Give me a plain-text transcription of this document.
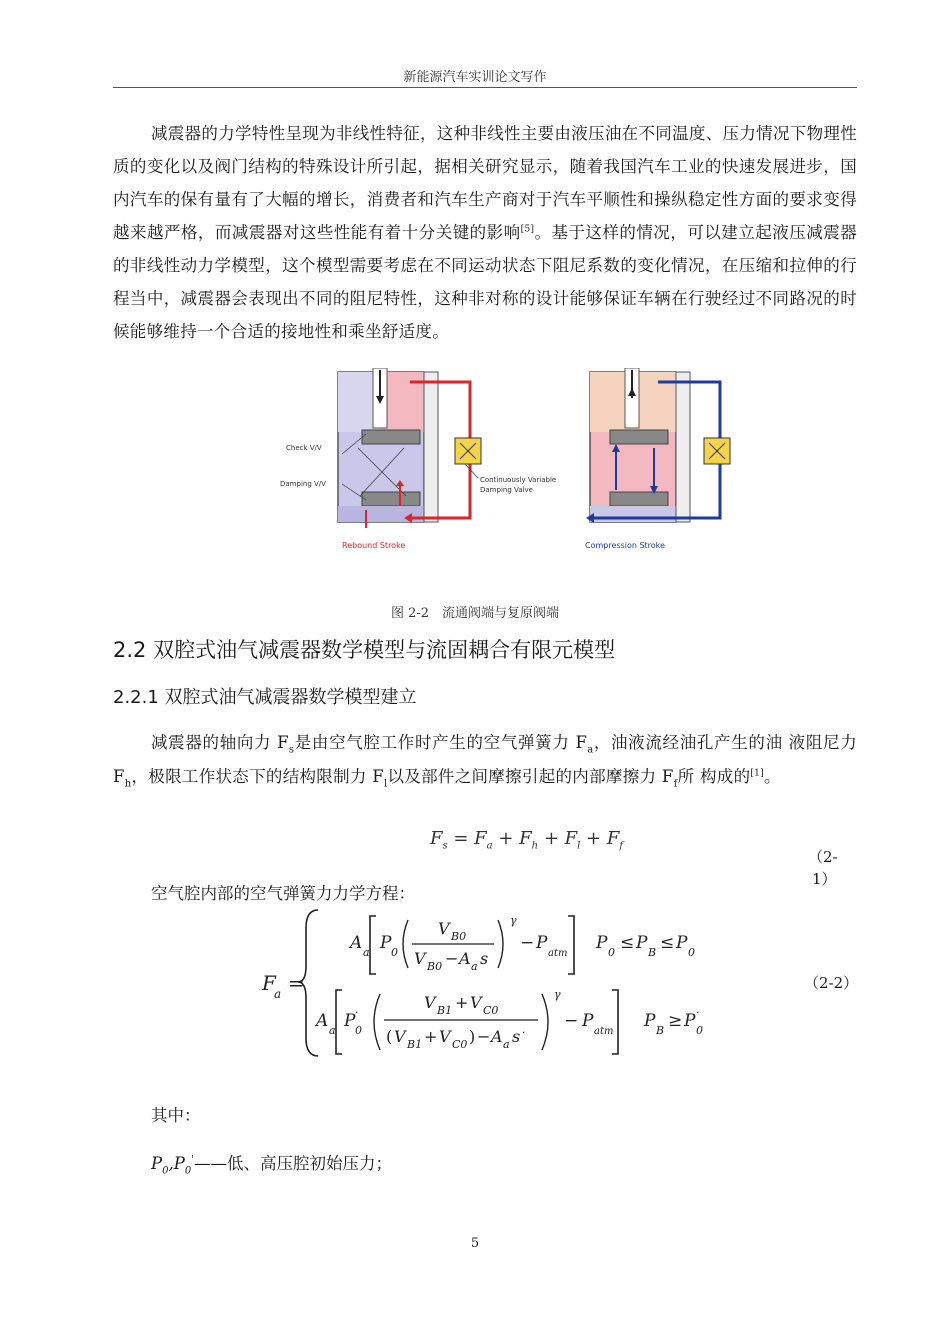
新能源汽车实训论文写作
减震器的力学特性呈现为非线性特征，这种非线性主要由液压油在不同温度、压力情况下物理性质的变化以及阀门结构的特殊设计所引起，据相关研究显示，随着我国汽车工业的快速发展进步，国内汽车的保有量有了大幅的增长，消费者和汽车生产商对于汽车平顺性和操纵稳定性方面的要求变得越来越严格，而减震器对这些性能有着十分关键的影响[5]。基于这样的情况，可以建立起液压减震器的非线性动力学模型，这个模型需要考虑在不同运动状态下阻尼系数的变化情况，在压缩和拉伸的行程当中，减震器会表现出不同的阻尼特性，这种非对称的设计能够保证车辆在行驶经过不同路况的时候能够维持一个合适的接地性和乘坐舒适度。
Check V/V
Damping V/V	Continuously Variable
Damping Valve
Rebound Stroke	Compression Stroke
图 2-2　流通阀端与复原阀端
2.2 双腔式油气减震器数学模型与流固耦合有限元模型
2.2.1 双腔式油气减震器数学模型建立
减震器的轴向力 $F_s$是由空气腔工作时产生的空气弹簧力 $F_a$，油液流经油孔产生的油 液阻尼力 $F_h$，极限工作状态下的结构限制力 $F_l$以及部件之间摩擦引起的内部摩擦力 $F_f$所 构成的[1]。
$F_s = F_a + F_h + F_l + F_f$
（2-
1）
空气腔内部的空气弹簧力力学方程：
F
a =
A a P 0
V B0
V B0 − A a s
γ
− P
atm
P 0 ≤ P B ≤ P 0
A a P ·
0
V B1 + V C0
( V B1 + V C0 ) − A a s ·
γ
− P
atm
P B ≥ P ·
0
（2-2）
其中：
$P_0,P_0'——$低、高压腔初始压力；
5
